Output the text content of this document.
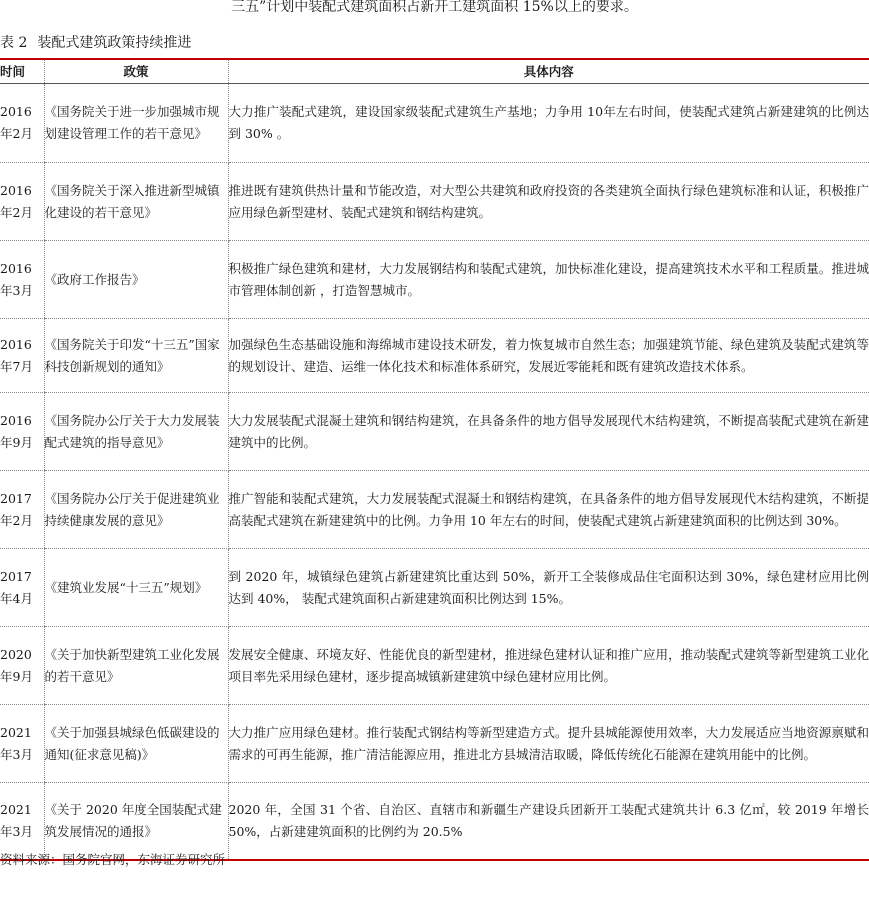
三五”计划中装配式建筑面积占新开工建筑面积 15%以上的要求。
表 2 装配式建筑政策持续推进
时间	政策	具体内容
2016年2月	《国务院关于进一步加强城市规划建设管理工作的若干意见》	大力推广装配式建筑，建设国家级装配式建筑生产基地；力争用 10年左右时间，使装配式建筑占新建建筑的比例达到 30% 。
2016年2月	《国务院关于深入推进新型城镇化建设的若干意见》	推进既有建筑供热计量和节能改造，对大型公共建筑和政府投资的各类建筑全面执行绿色建筑标准和认证，积极推广应用绿色新型建材、装配式建筑和钢结构建筑。
2016年3月	《政府工作报告》	积极推广绿色建筑和建材，大力发展钢结构和装配式建筑，加快标准化建设，提高建筑技术水平和工程质量。推进城市管理体制创新 ，打造智慧城市。
2016年7月	《国务院关于印发“十三五”国家科技创新规划的通知》	加强绿色生态基础设施和海绵城市建设技术研发，着力恢复城市自然生态；加强建筑节能、绿色建筑及装配式建筑等的规划设计、建造、运维一体化技术和标准体系研究，发展近零能耗和既有建筑改造技术体系。
2016年9月	《国务院办公厅关于大力发展装配式建筑的指导意见》	大力发展装配式混凝土建筑和钢结构建筑，在具备条件的地方倡导发展现代木结构建筑，不断提高装配式建筑在新建建筑中的比例。
2017年2月	《国务院办公厅关于促进建筑业持续健康发展的意见》	推广智能和装配式建筑，大力发展装配式混凝土和钢结构建筑，在具备条件的地方倡导发展现代木结构建筑，不断提高装配式建筑在新建建筑中的比例。力争用 10 年左右的时间，使装配式建筑占新建建筑面积的比例达到 30%。
2017年4月	《建筑业发展“十三五”规划》	到 2020 年，城镇绿色建筑占新建建筑比重达到 50%，新开工全装修成品住宅面积达到 30%，绿色建材应用比例达到 40%， 装配式建筑面积占新建建筑面积比例达到 15%。
2020年9月	《关于加快新型建筑工业化发展的若干意见》	发展安全健康、环境友好、性能优良的新型建材，推进绿色建材认证和推广应用，推动装配式建筑等新型建筑工业化项目率先采用绿色建材，逐步提高城镇新建建筑中绿色建材应用比例。
2021年3月	《关于加强县城绿色低碳建设的通知(征求意见稿)》	大力推广应用绿色建材。推行装配式钢结构等新型建造方式。提升县城能源使用效率，大力发展适应当地资源禀赋和需求的可再生能源，推广清洁能源应用，推进北方县城清洁取暖，降低传统化石能源在建筑用能中的比例。
2021年3月	《关于 2020 年度全国装配式建筑发展情况的通报》	2020 年，全国 31 个省、自治区、直辖市和新疆生产建设兵团新开工装配式建筑共计 6.3 亿㎡，较 2019 年增长 50%，占新建建筑面积的比例约为 20.5%
资料来源：国务院官网，东海证券研究所
